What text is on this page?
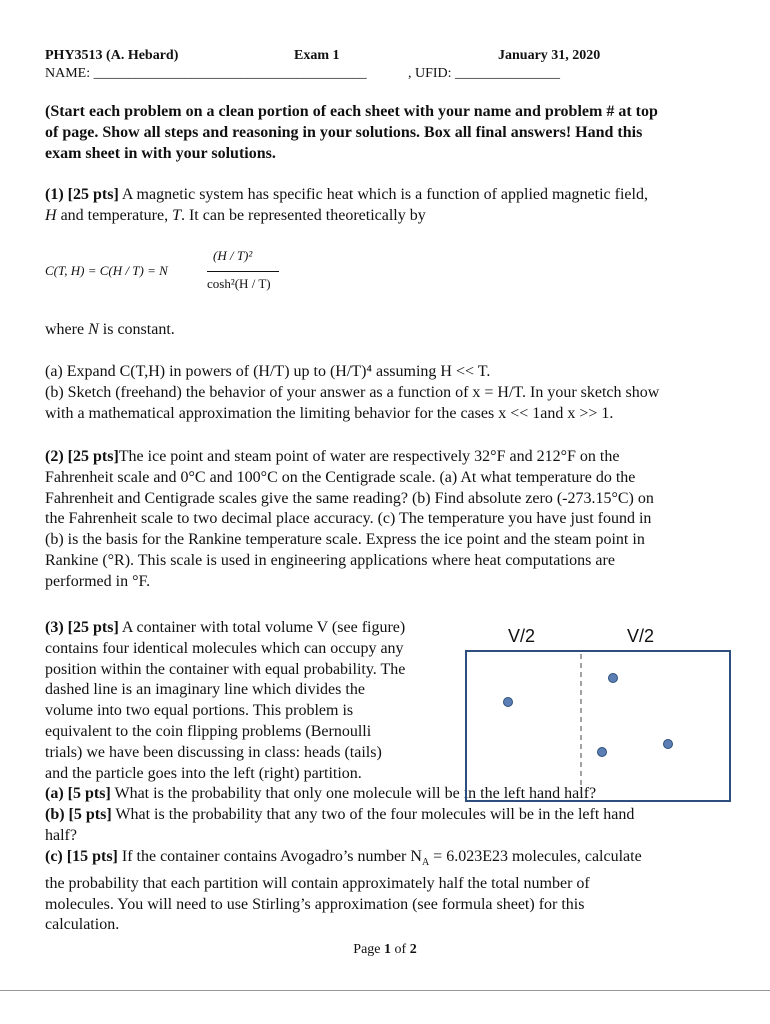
PHY3513 (A. Hebard)	Exam 1	January 31, 2020
NAME: _______________________________________	, UFID: _______________
(Start each problem on a clean portion of each sheet with your name and problem # at top
of page. Show all steps and reasoning in your solutions. Box all final answers! Hand this
exam sheet in with your solutions.
(1) [25 pts] A magnetic system has specific heat which is a function of applied magnetic field,
H and temperature, T. It can be represented theoretically by
C(T, H) = C(H / T) = N
(H / T)²
cosh²(H / T)
where N is constant.
(a) Expand C(T,H) in powers of (H/T) up to (H/T)⁴ assuming H << T.
(b) Sketch (freehand) the behavior of your answer as a function of x = H/T. In your sketch show
with a mathematical approximation the limiting behavior for the cases x << 1and x >> 1.
(2) [25 pts]The ice point and steam point of water are respectively 32°F and 212°F on the
Fahrenheit scale and 0°C and 100°C on the Centigrade scale. (a) At what temperature do the
Fahrenheit and Centigrade scales give the same reading? (b) Find absolute zero (-273.15°C) on
the Fahrenheit scale to two decimal place accuracy. (c) The temperature you have just found in
(b) is the basis for the Rankine temperature scale. Express the ice point and the steam point in
Rankine (°R). This scale is used in engineering applications where heat computations are
performed in °F.
(3) [25 pts] A container with total volume V (see figure)
contains four identical molecules which can occupy any
position within the container with equal probability. The
dashed line is an imaginary line which divides the
volume into two equal portions. This problem is
equivalent to the coin flipping problems (Bernoulli
trials) we have been discussing in class: heads (tails)
and the particle goes into the left (right) partition.
(a) [5 pts] What is the probability that only one molecule will be in the left hand half?
(b) [5 pts] What is the probability that any two of the four molecules will be in the left hand
half?
(c) [15 pts] If the container contains Avogadro’s number $N_A = 6.023E23$ molecules, calculate
the probability that each partition will contain approximately half the total number of
molecules. You will need to use Stirling’s approximation (see formula sheet) for this
calculation.
V/2	V/2
Page 1 of 2
